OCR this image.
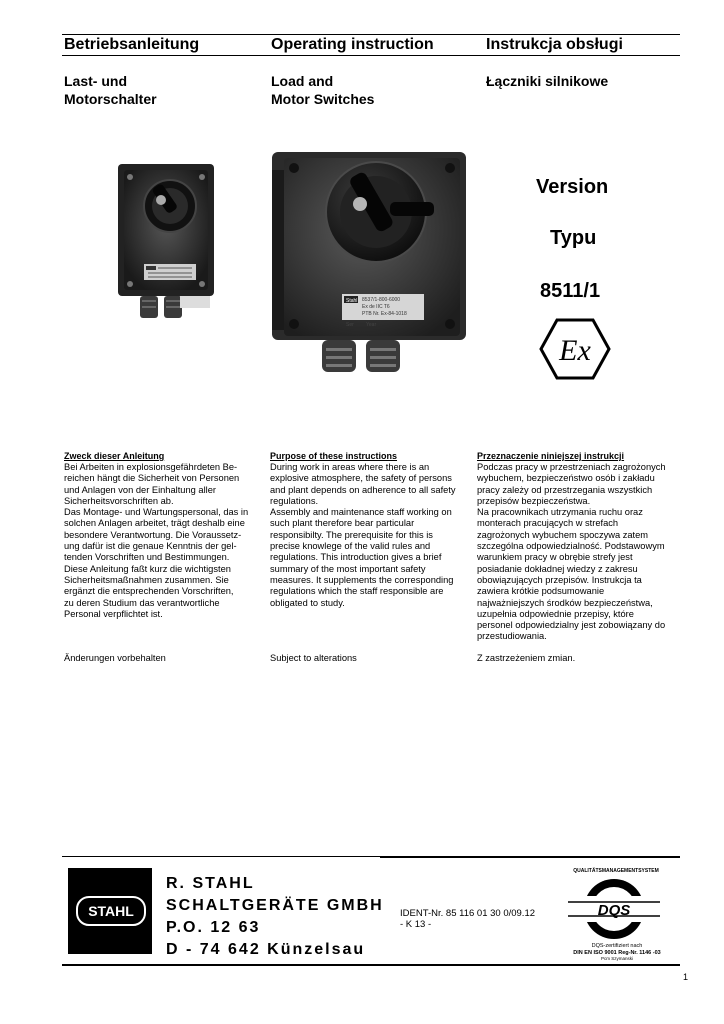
Betriebsanleitung	Operating instruction	Instrukcja obsługi
Last- und
Motorschalter
Load and
Motor Switches
Łączniki silnikowe
Stahl 8537/1-800-6000
Ex de IIC T6
PTB Nr. Ex-84-1018
Ser Year
Version
Typu
8511/1
Ex
Zweck dieser Anleitung
Bei Arbeiten in explosionsgefährdeten Be-
reichen hängt die Sicherheit von Personen
und Anlagen von der Einhaltung aller
Sicherheitsvorschriften ab.
Das Montage- und Wartungspersonal, das in
solchen Anlagen arbeitet, trägt deshalb eine
besondere Verantwortung. Die Voraussetz-
ung dafür ist die genaue Kenntnis der gel-
tenden Vorschriften und Bestimmungen.
Diese Anleitung faßt kurz die wichtigsten
Sicherheitsmaßnahmen zusammen. Sie
ergänzt die entsprechenden Vorschriften,
zu deren Studium das verantwortliche
Personal verpflichtet ist.
Änderungen vorbehalten
Purpose of these instructions
During work in areas where there is an
explosive atmosphere, the safety of persons
and plant depends on adherence to all safety
regulations.
Assembly and maintenance staff working on
such plant therefore bear particular
responsibilty. The prerequisite for this is
precise knowlege of the valid rules and
regulations. This introduction gives a brief
summary of the most important safety
measures. It supplements the corresponding
regulations which the staff responsible are
obligated to study.
Subject to alterations
Przeznaczenie niniejszej instrukcji
Podczas pracy w przestrzeniach zagrożonych
wybuchem, bezpieczeństwo osób i zakładu
pracy zależy od przestrzegania wszystkich
przepisów bezpieczeństwa.
Na pracownikach utrzymania ruchu oraz
monterach pracujących w strefach
zagrożonych wybuchem spoczywa zatem
szczególna odpowiedzialność. Podstawowym
warunkiem pracy w obrębie strefy jest
posiadanie dokładnej wiedzy z zakresu
obowiązujących przepisów. Instrukcja ta
zawiera krótkie podsumowanie
najważniejszych środków bezpieczeństwa,
uzupełnia odpowiednie przepisy, które
personel odpowiedzialny jest zobowiązany do
przestudiowania.
Z zastrzeżeniem zmian.
STAHL
R. STAHL
SCHALTGERÄTE GMBH
P.O. 12 63
D - 74 642 Künzelsau
IDENT-Nr. 85 116 01 30 0/09.12
- K 13 -
QUALITÄTSMANAGEMENTSYSTEM
DQS
DQS-zertifiziert nach
DIN EN ISO 9001 Reg-Nr. 1146 -03
Pcm Szymanski
1
